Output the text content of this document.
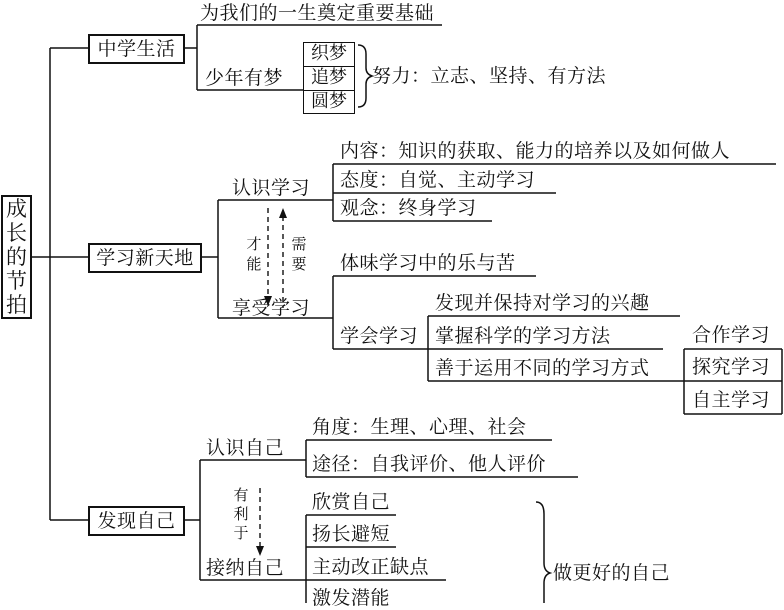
成长的节拍
中学生活
为我们的一生奠定重要基础
少年有梦
织梦
追梦
圆梦
努力：立志、坚持、有方法
学习新天地
认识学习
内容：知识的获取、能力的培养以及如何做人
态度：自觉、主动学习
观念：终身学习
才能
需要
享受学习
体味学习中的乐与苦
学会学习
发现并保持对学习的兴趣
掌握科学的学习方法
善于运用不同的学习方式
合作学习
探究学习
自主学习
发现自己
认识自己
角度：生理、心理、社会
途径：自我评价、他人评价
有利于
接纳自己
欣赏自己
扬长避短
主动改正缺点
激发潜能
做更好的自己
